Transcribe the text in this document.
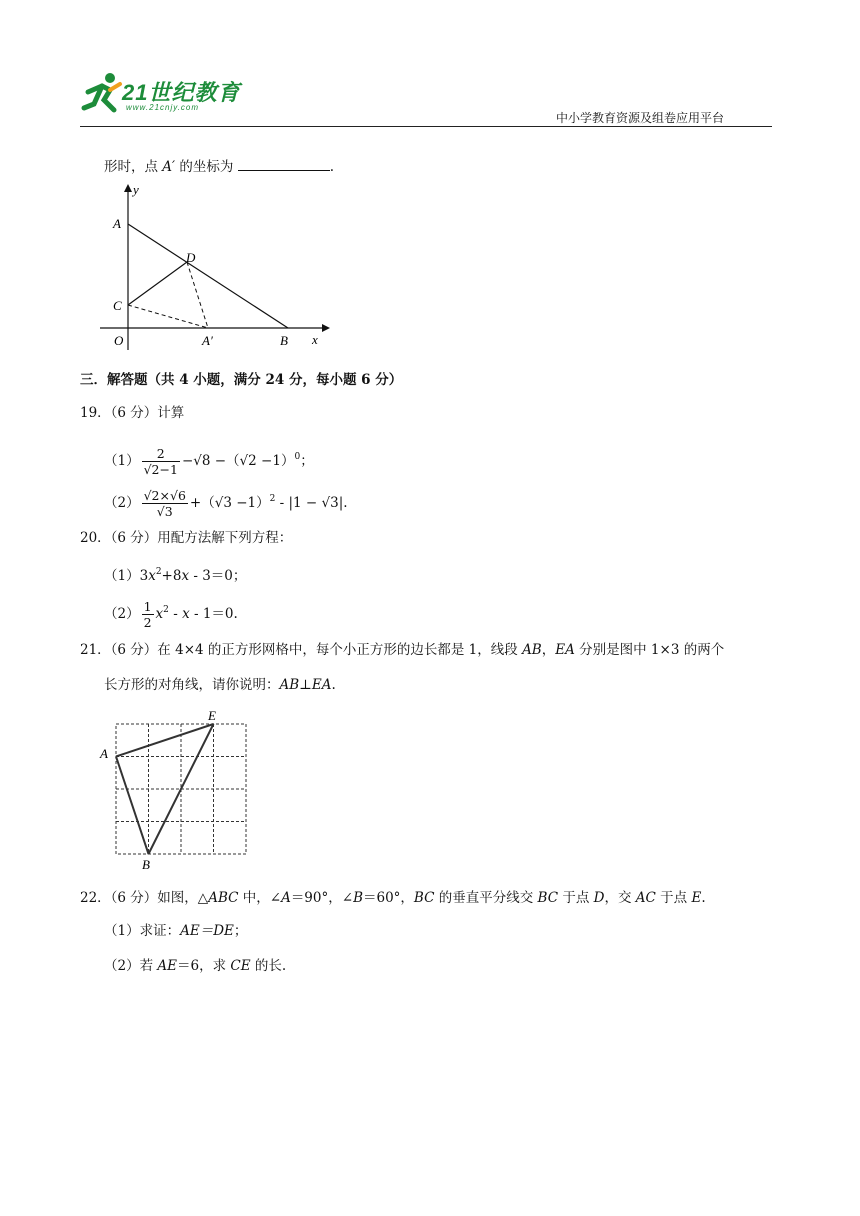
21世纪教育
www.21cnjy.com
中小学教育资源及组卷应用平台
形时，点 A′ 的坐标为	.
y
x
A
D
C
O	A′	B
三．解答题（共 4 小题，满分 24 分，每小题 6 分）
19．（6 分）计算
$(1) \frac{2}{√2-1} -√8 -(√2 -1)^0$；
$(2) \frac{√2\times√6}{√3} +(√3 -1)^2 - |1 - √3|$.
20．（6 分）用配方法解下列方程：
$(1)3x^2+8x - 3=0$；
$(2) \frac{1}{2} x^2 - x - 1=0$.
21．（6 分）在 4×4 的正方形网格中，每个小正方形的边长都是 1，线段 AB，EA 分别是图中 1×3 的两个
长方形的对角线，请你说明：AB⊥EA.
E
A
B
22．（6 分）如图，△ABC 中，∠A＝90°，∠B＝60°，BC 的垂直平分线交 BC 于点 D，交 AC 于点 E.
（1）求证：AE＝DE；
（2）若 AE＝6，求 CE 的长.
